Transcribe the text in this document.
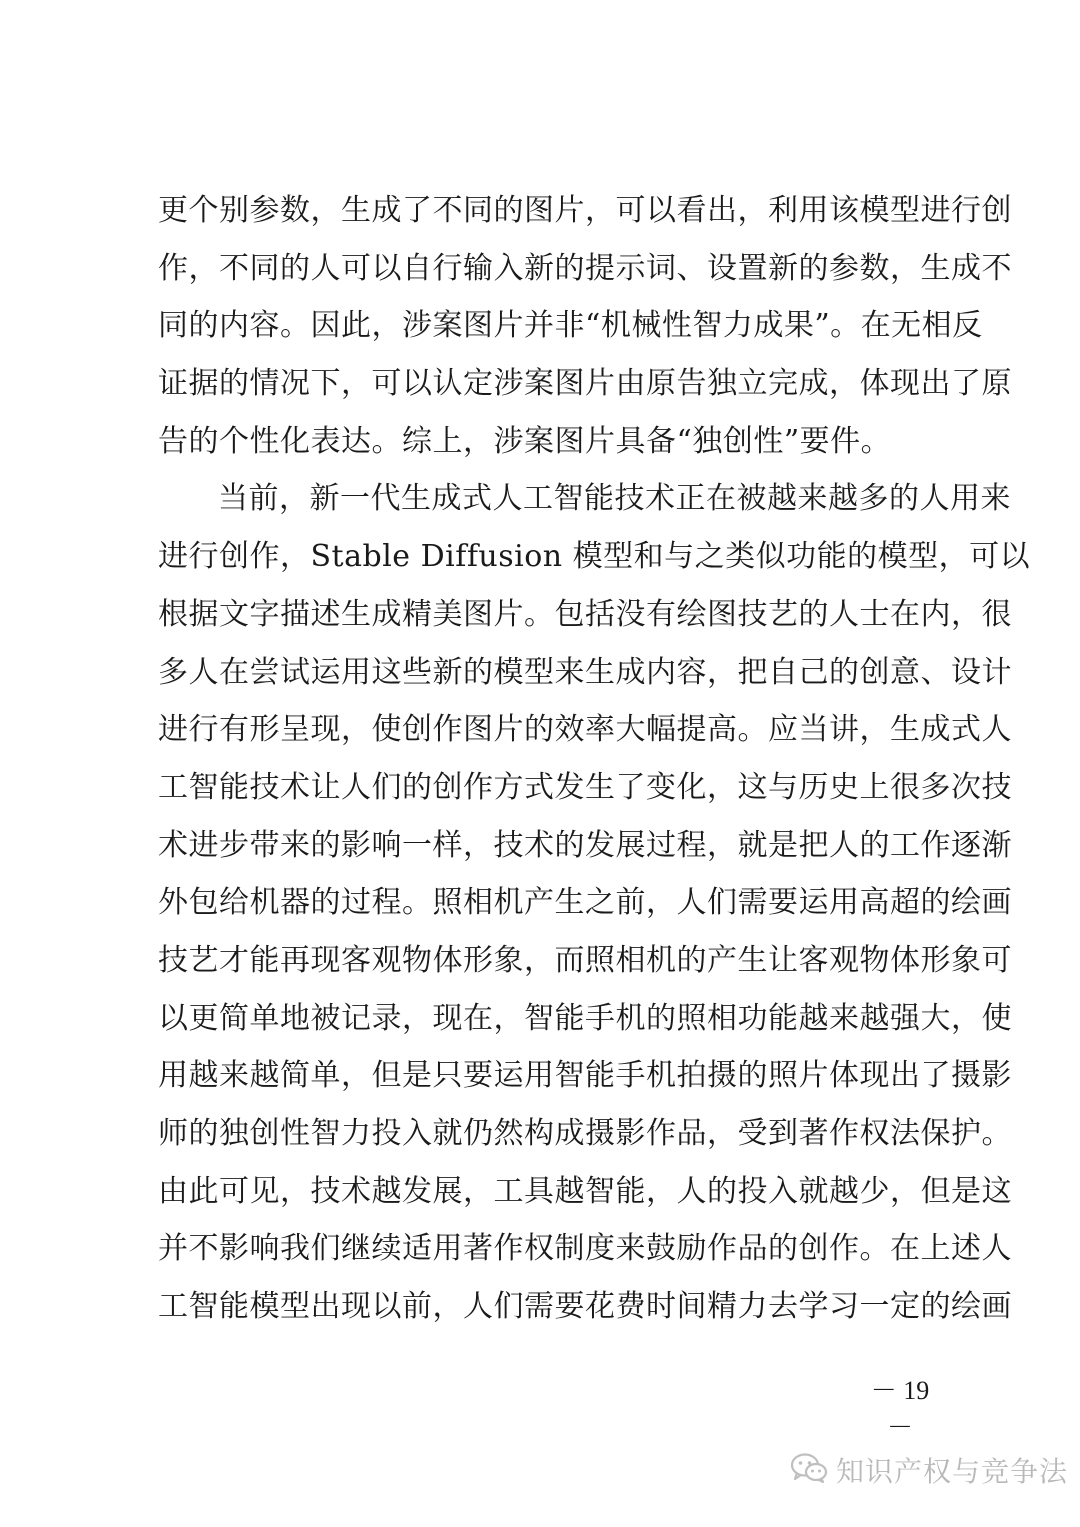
更个别参数，生成了不同的图片，可以看出，利用该模型进行创
作，不同的人可以自行输入新的提示词、设置新的参数，生成不
同的内容。因此，涉案图片并非“机械性智力成果”。在无相反
证据的情况下，可以认定涉案图片由原告独立完成，体现出了原
告的个性化表达。综上，涉案图片具备“独创性”要件。
当前，新一代生成式人工智能技术正在被越来越多的人用来
进行创作，Stable Diffusion 模型和与之类似功能的模型，可以
根据文字描述生成精美图片。包括没有绘图技艺的人士在内，很
多人在尝试运用这些新的模型来生成内容，把自己的创意、设计
进行有形呈现，使创作图片的效率大幅提高。应当讲，生成式人
工智能技术让人们的创作方式发生了变化，这与历史上很多次技
术进步带来的影响一样，技术的发展过程，就是把人的工作逐渐
外包给机器的过程。照相机产生之前，人们需要运用高超的绘画
技艺才能再现客观物体形象，而照相机的产生让客观物体形象可
以更简单地被记录，现在，智能手机的照相功能越来越强大，使
用越来越简单，但是只要运用智能手机拍摄的照片体现出了摄影
师的独创性智力投入就仍然构成摄影作品，受到著作权法保护。
由此可见，技术越发展，工具越智能，人的投入就越少，但是这
并不影响我们继续适用著作权制度来鼓励作品的创作。在上述人
工智能模型出现以前，人们需要花费时间精力去学习一定的绘画
－ 19 －
知识产权与竞争法
